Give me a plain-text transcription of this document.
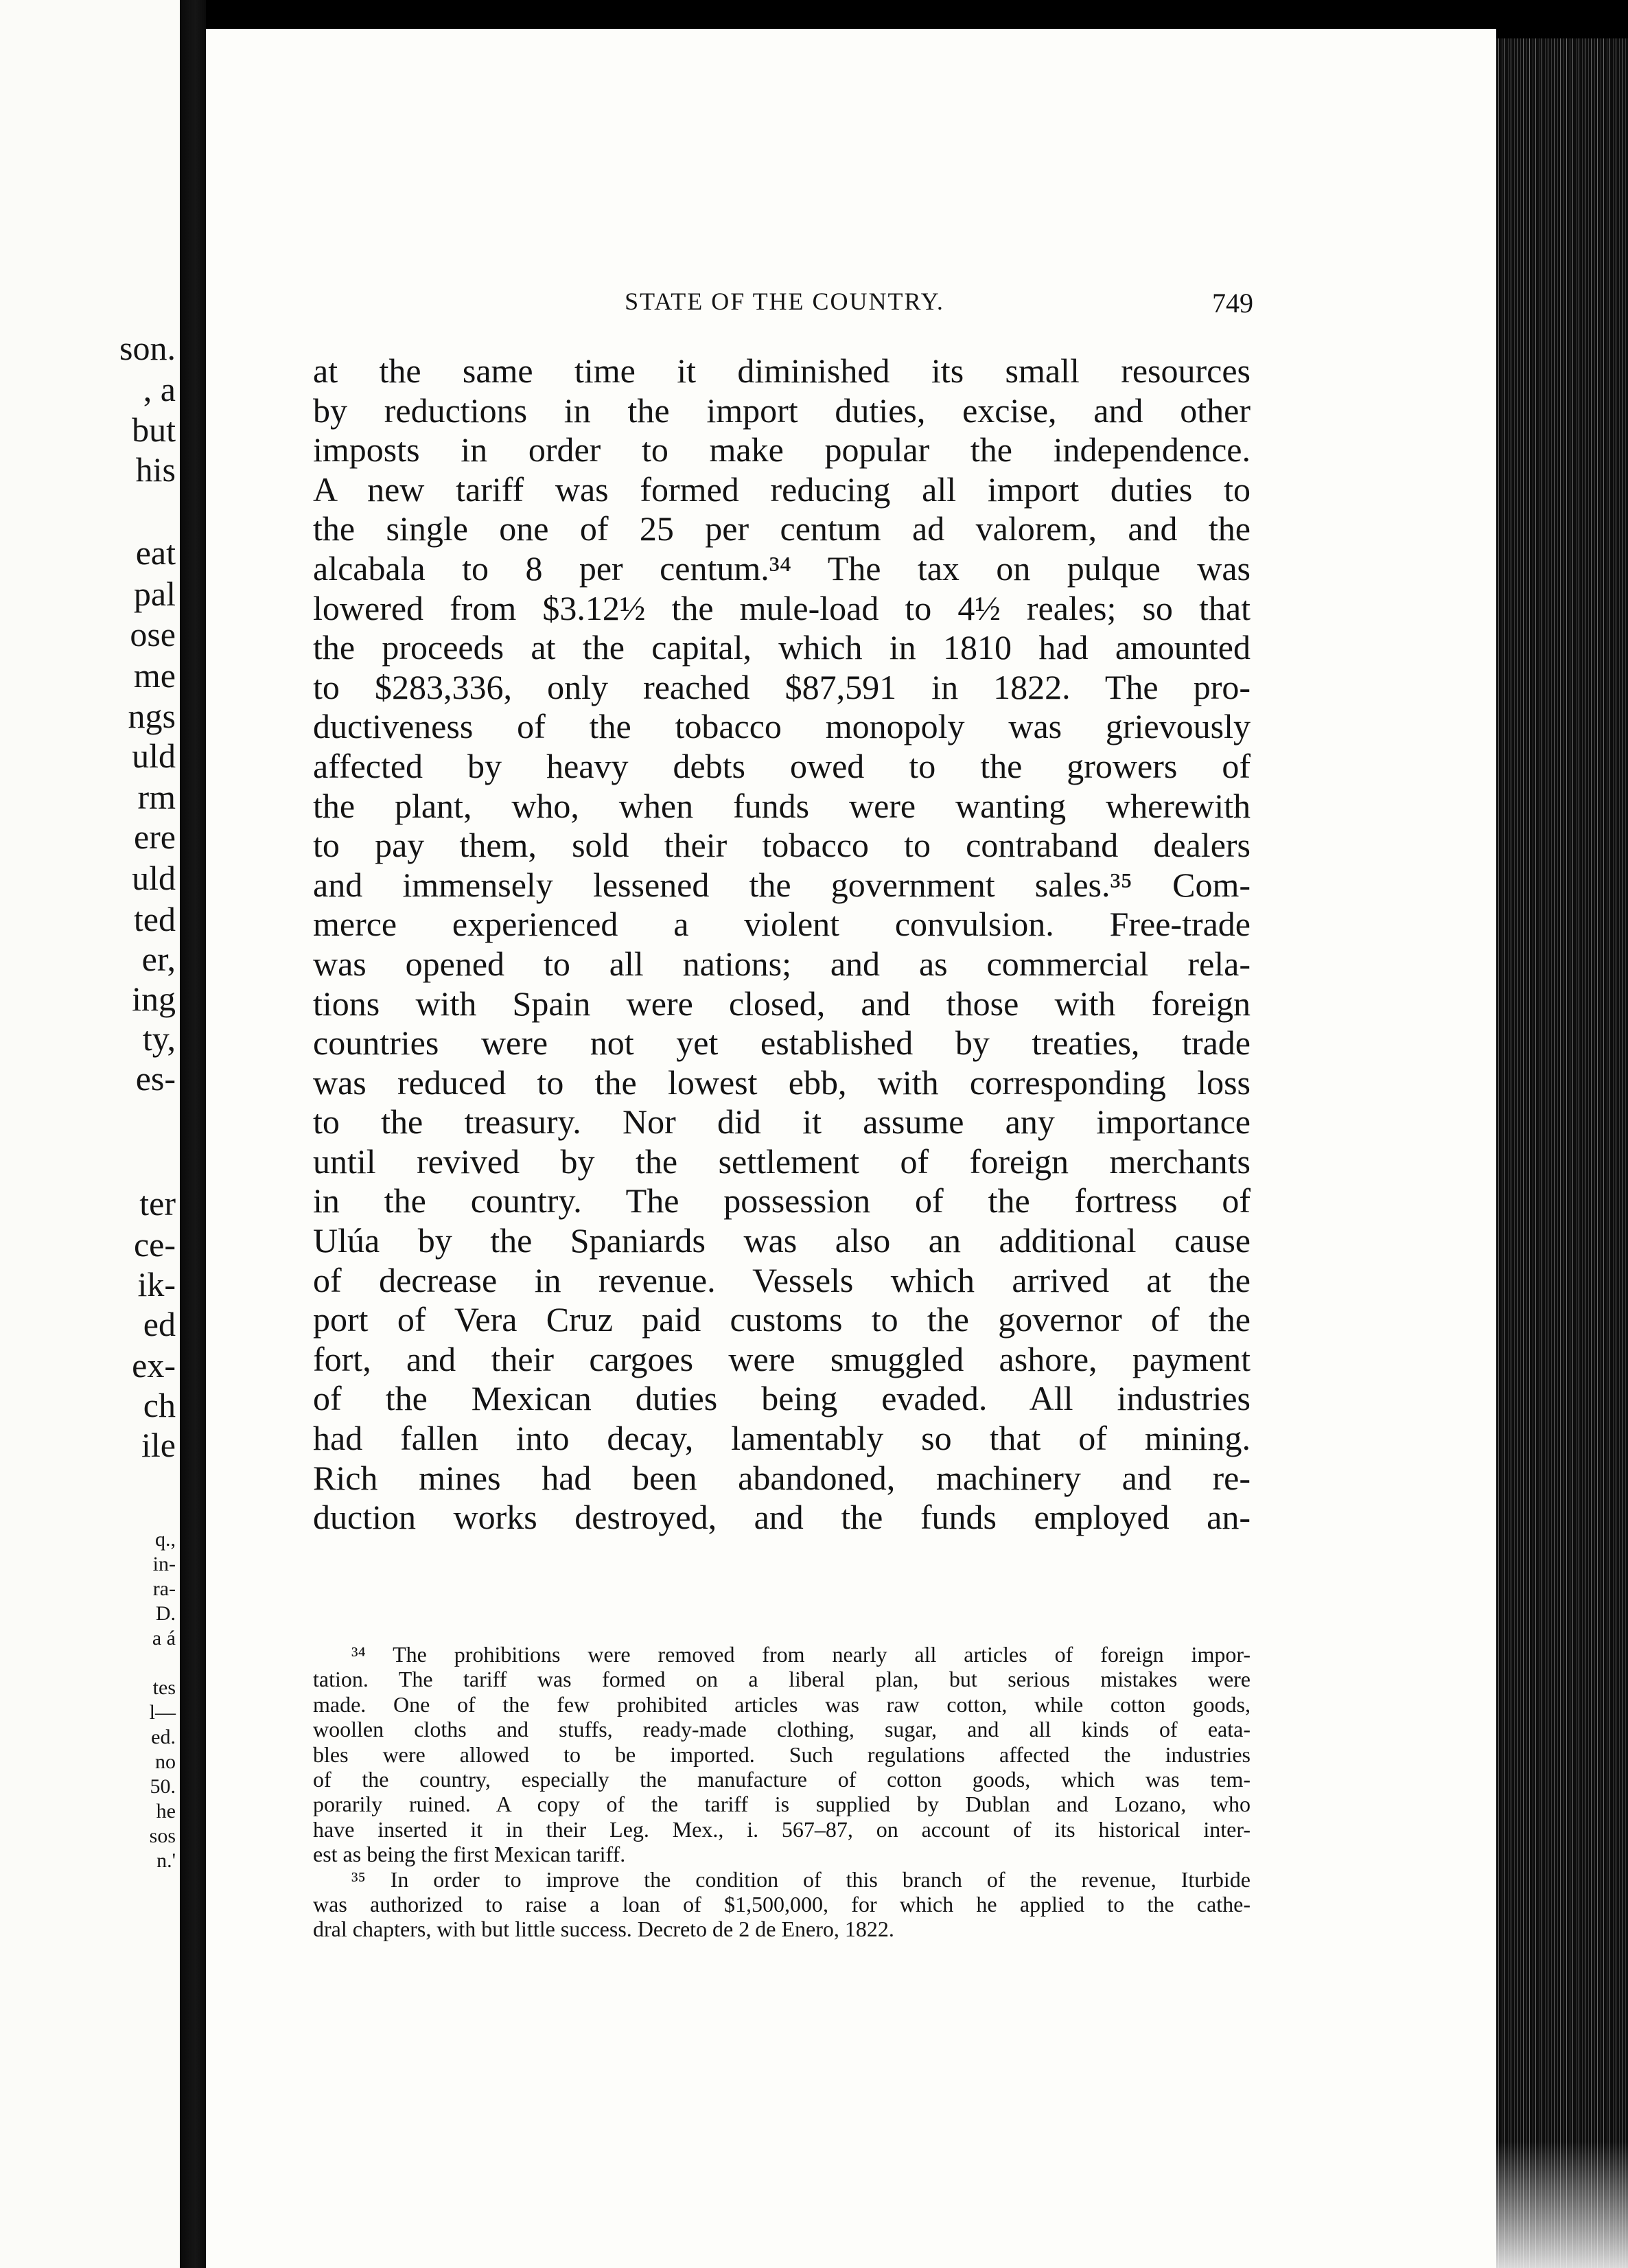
son.
, a
but
his
eat
pal
ose
me
ngs
uld
rm
ere
uld
ted
er,
ing
ty,
es-
ter
ce-
ik-
ed
ex-
ch
ile
q.,
in-
ra-
D.
a á
tes
l—
ed.
no
50.
he
sos
n.'
STATE OF THE COUNTRY.	749
at the same time it diminished its small resources
by reductions in the import duties, excise, and other
imposts in order to make popular the independence.
A new tariff was formed reducing all import duties to
the single one of 25 per centum ad valorem, and the
alcabala to 8 per centum.³⁴ The tax on pulque was
lowered from $3.12½ the mule-load to 4½ reales; so that
the proceeds at the capital, which in 1810 had amounted
to $283,336, only reached $87,591 in 1822. The pro-
ductiveness of the tobacco monopoly was grievously
affected by heavy debts owed to the growers of
the plant, who, when funds were wanting wherewith
to pay them, sold their tobacco to contraband dealers
and immensely lessened the government sales.³⁵ Com-
merce experienced a violent convulsion. Free-trade
was opened to all nations; and as commercial rela-
tions with Spain were closed, and those with foreign
countries were not yet established by treaties, trade
was reduced to the lowest ebb, with corresponding loss
to the treasury. Nor did it assume any importance
until revived by the settlement of foreign merchants
in the country. The possession of the fortress of
Ulúa by the Spaniards was also an additional cause
of decrease in revenue. Vessels which arrived at the
port of Vera Cruz paid customs to the governor of the
fort, and their cargoes were smuggled ashore, payment
of the Mexican duties being evaded. All industries
had fallen into decay, lamentably so that of mining.
Rich mines had been abandoned, machinery and re-
duction works destroyed, and the funds employed an-
³⁴ The prohibitions were removed from nearly all articles of foreign impor-
tation. The tariff was formed on a liberal plan, but serious mistakes were
made. One of the few prohibited articles was raw cotton, while cotton goods,
woollen cloths and stuffs, ready-made clothing, sugar, and all kinds of eata-
bles were allowed to be imported. Such regulations affected the industries
of the country, especially the manufacture of cotton goods, which was tem-
porarily ruined. A copy of the tariff is supplied by Dublan and Lozano, who
have inserted it in their Leg. Mex., i. 567–87, on account of its historical inter-
est as being the first Mexican tariff.
³⁵ In order to improve the condition of this branch of the revenue, Iturbide
was authorized to raise a loan of $1,500,000, for which he applied to the cathe-
dral chapters, with but little success. Decreto de 2 de Enero, 1822.
